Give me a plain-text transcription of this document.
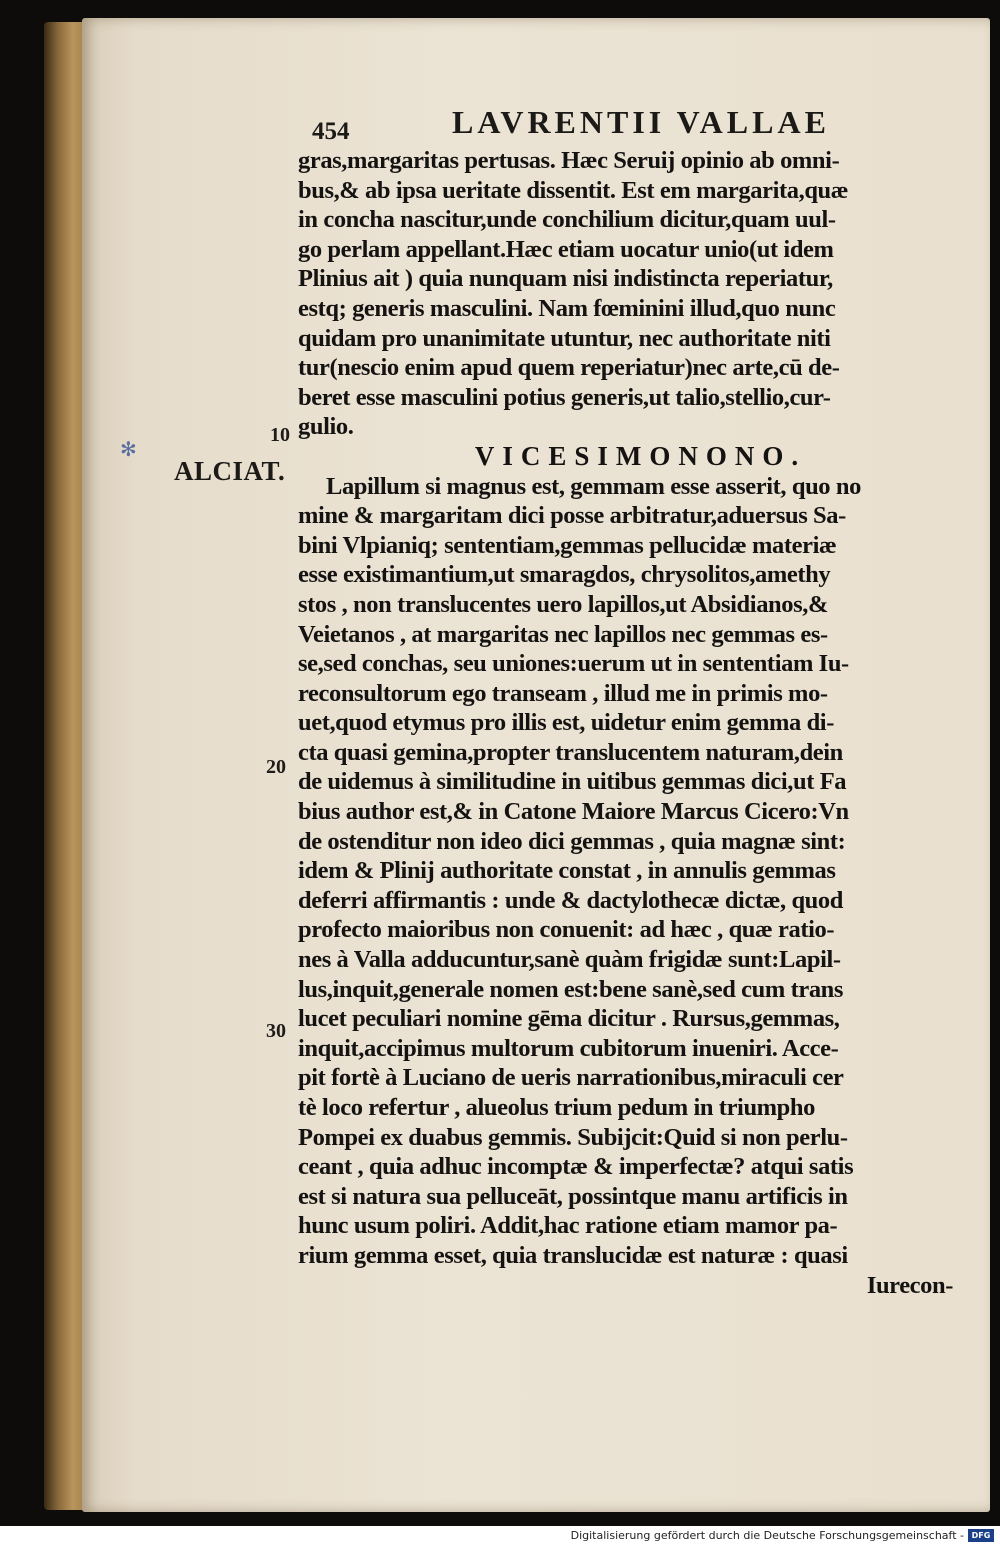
454	LAVRENTII VALLAE
✻
10
ALCIAT.
20
30
gras,margaritas pertusas. Hæc Seruij opinio ab omni-
bus,& ab ipsa ueritate dissentit. Est em margarita,quæ
in concha nascitur,unde conchilium dicitur,quam uul-
go perlam appellant.Hæc etiam uocatur unio(ut idem
Plinius ait ) quia nunquam nisi indistincta reperiatur,
estq; generis masculini. Nam fœminini illud,quo nunc
quidam pro unanimitate utuntur, nec authoritate niti
tur(nescio enim apud quem reperiatur)nec arte,cū de-
beret esse masculini potius generis,ut talio,stellio,cur-
gulio.
VICESIMONONO.
Lapillum si magnus est, gemmam esse asserit, quo no
mine & margaritam dici posse arbitratur,aduersus Sa-
bini Vlpianiq; sententiam,gemmas pellucidæ materiæ
esse existimantium,ut smaragdos, chrysolitos,amethy
stos , non translucentes uero lapillos,ut Absidianos,&
Veietanos , at margaritas nec lapillos nec gemmas es-
se,sed conchas, seu uniones:uerum ut in sententiam Iu-
reconsultorum ego transeam , illud me in primis mo-
uet,quod etymus pro illis est, uidetur enim gemma di-
cta quasi gemina,propter translucentem naturam,dein
de uidemus à similitudine in uitibus gemmas dici,ut Fa
bius author est,& in Catone Maiore Marcus Cicero:Vn
de ostenditur non ideo dici gemmas , quia magnæ sint:
idem & Plinij authoritate constat , in annulis gemmas
deferri affirmantis : unde & dactylothecæ dictæ, quod
profecto maioribus non conuenit: ad hæc , quæ ratio-
nes à Valla adducuntur,sanè quàm frigidæ sunt:Lapil-
lus,inquit,generale nomen est:bene sanè,sed cum trans
lucet peculiari nomine gēma dicitur . Rursus,gemmas,
inquit,accipimus multorum cubitorum inueniri. Acce-
pit fortè à Luciano de ueris narrationibus,miraculi cer
tè loco refertur , alueolus trium pedum in triumpho
Pompei ex duabus gemmis. Subijcit:Quid si non perlu-
ceant , quia adhuc incomptæ & imperfectæ? atqui satis
est si natura sua pelluceāt, possintque manu artificis in
hunc usum poliri. Addit,hac ratione etiam mamor pa-
rium gemma esset, quia translucidæ est naturæ : quasi
Iurecon-
Digitalisierung gefördert durch die Deutsche Forschungsgemeinschaft - DFG
